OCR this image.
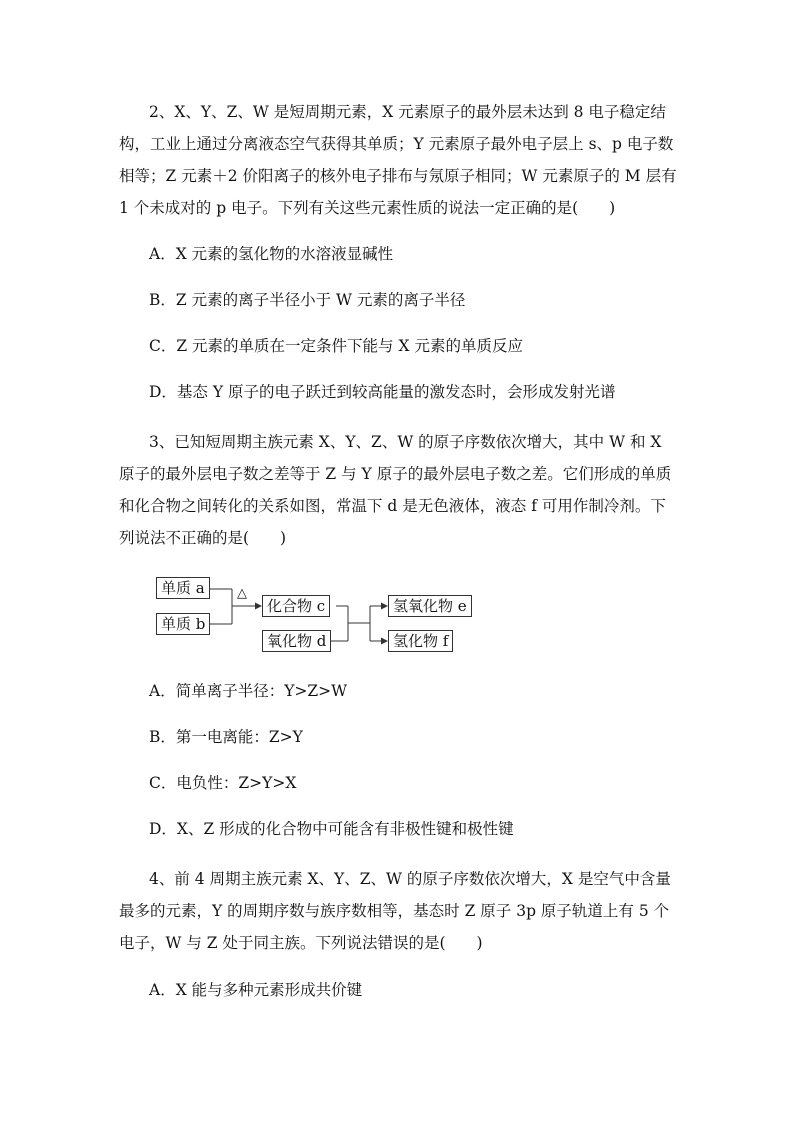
2、X、Y、Z、W 是短周期元素，X 元素原子的最外层未达到 8 电子稳定结构，工业上通过分离液态空气获得其单质；Y 元素原子最外电子层上 s、p 电子数相等；Z 元素＋2 价阳离子的核外电子排布与氖原子相同；W 元素原子的 M 层有 1 个未成对的 p 电子。下列有关这些元素性质的说法一定正确的是(　　)

A．X 元素的氢化物的水溶液显碱性

B．Z 元素的离子半径小于 W 元素的离子半径

C．Z 元素的单质在一定条件下能与 X 元素的单质反应

D．基态 Y 原子的电子跃迁到较高能量的激发态时，会形成发射光谱

3、已知短周期主族元素 X、Y、Z、W 的原子序数依次增大，其中 W 和 X 原子的最外层电子数之差等于 Z 与 Y 原子的最外层电子数之差。它们形成的单质和化合物之间转化的关系如图，常温下 d 是无色液体，液态 f 可用作制冷剂。下列说法不正确的是(　　)

单质 a
单质 b
△
化合物 c
氧化物 d
氢氧化物 e
氢化物 f

A．简单离子半径：Y>Z>W

B．第一电离能：Z>Y

C．电负性：Z>Y>X

D．X、Z 形成的化合物中可能含有非极性键和极性键

4、前 4 周期主族元素 X、Y、Z、W 的原子序数依次增大，X 是空气中含量最多的元素，Y 的周期序数与族序数相等，基态时 Z 原子 3p 原子轨道上有 5 个电子，W 与 Z 处于同主族。下列说法错误的是(　　)

A．X 能与多种元素形成共价键
